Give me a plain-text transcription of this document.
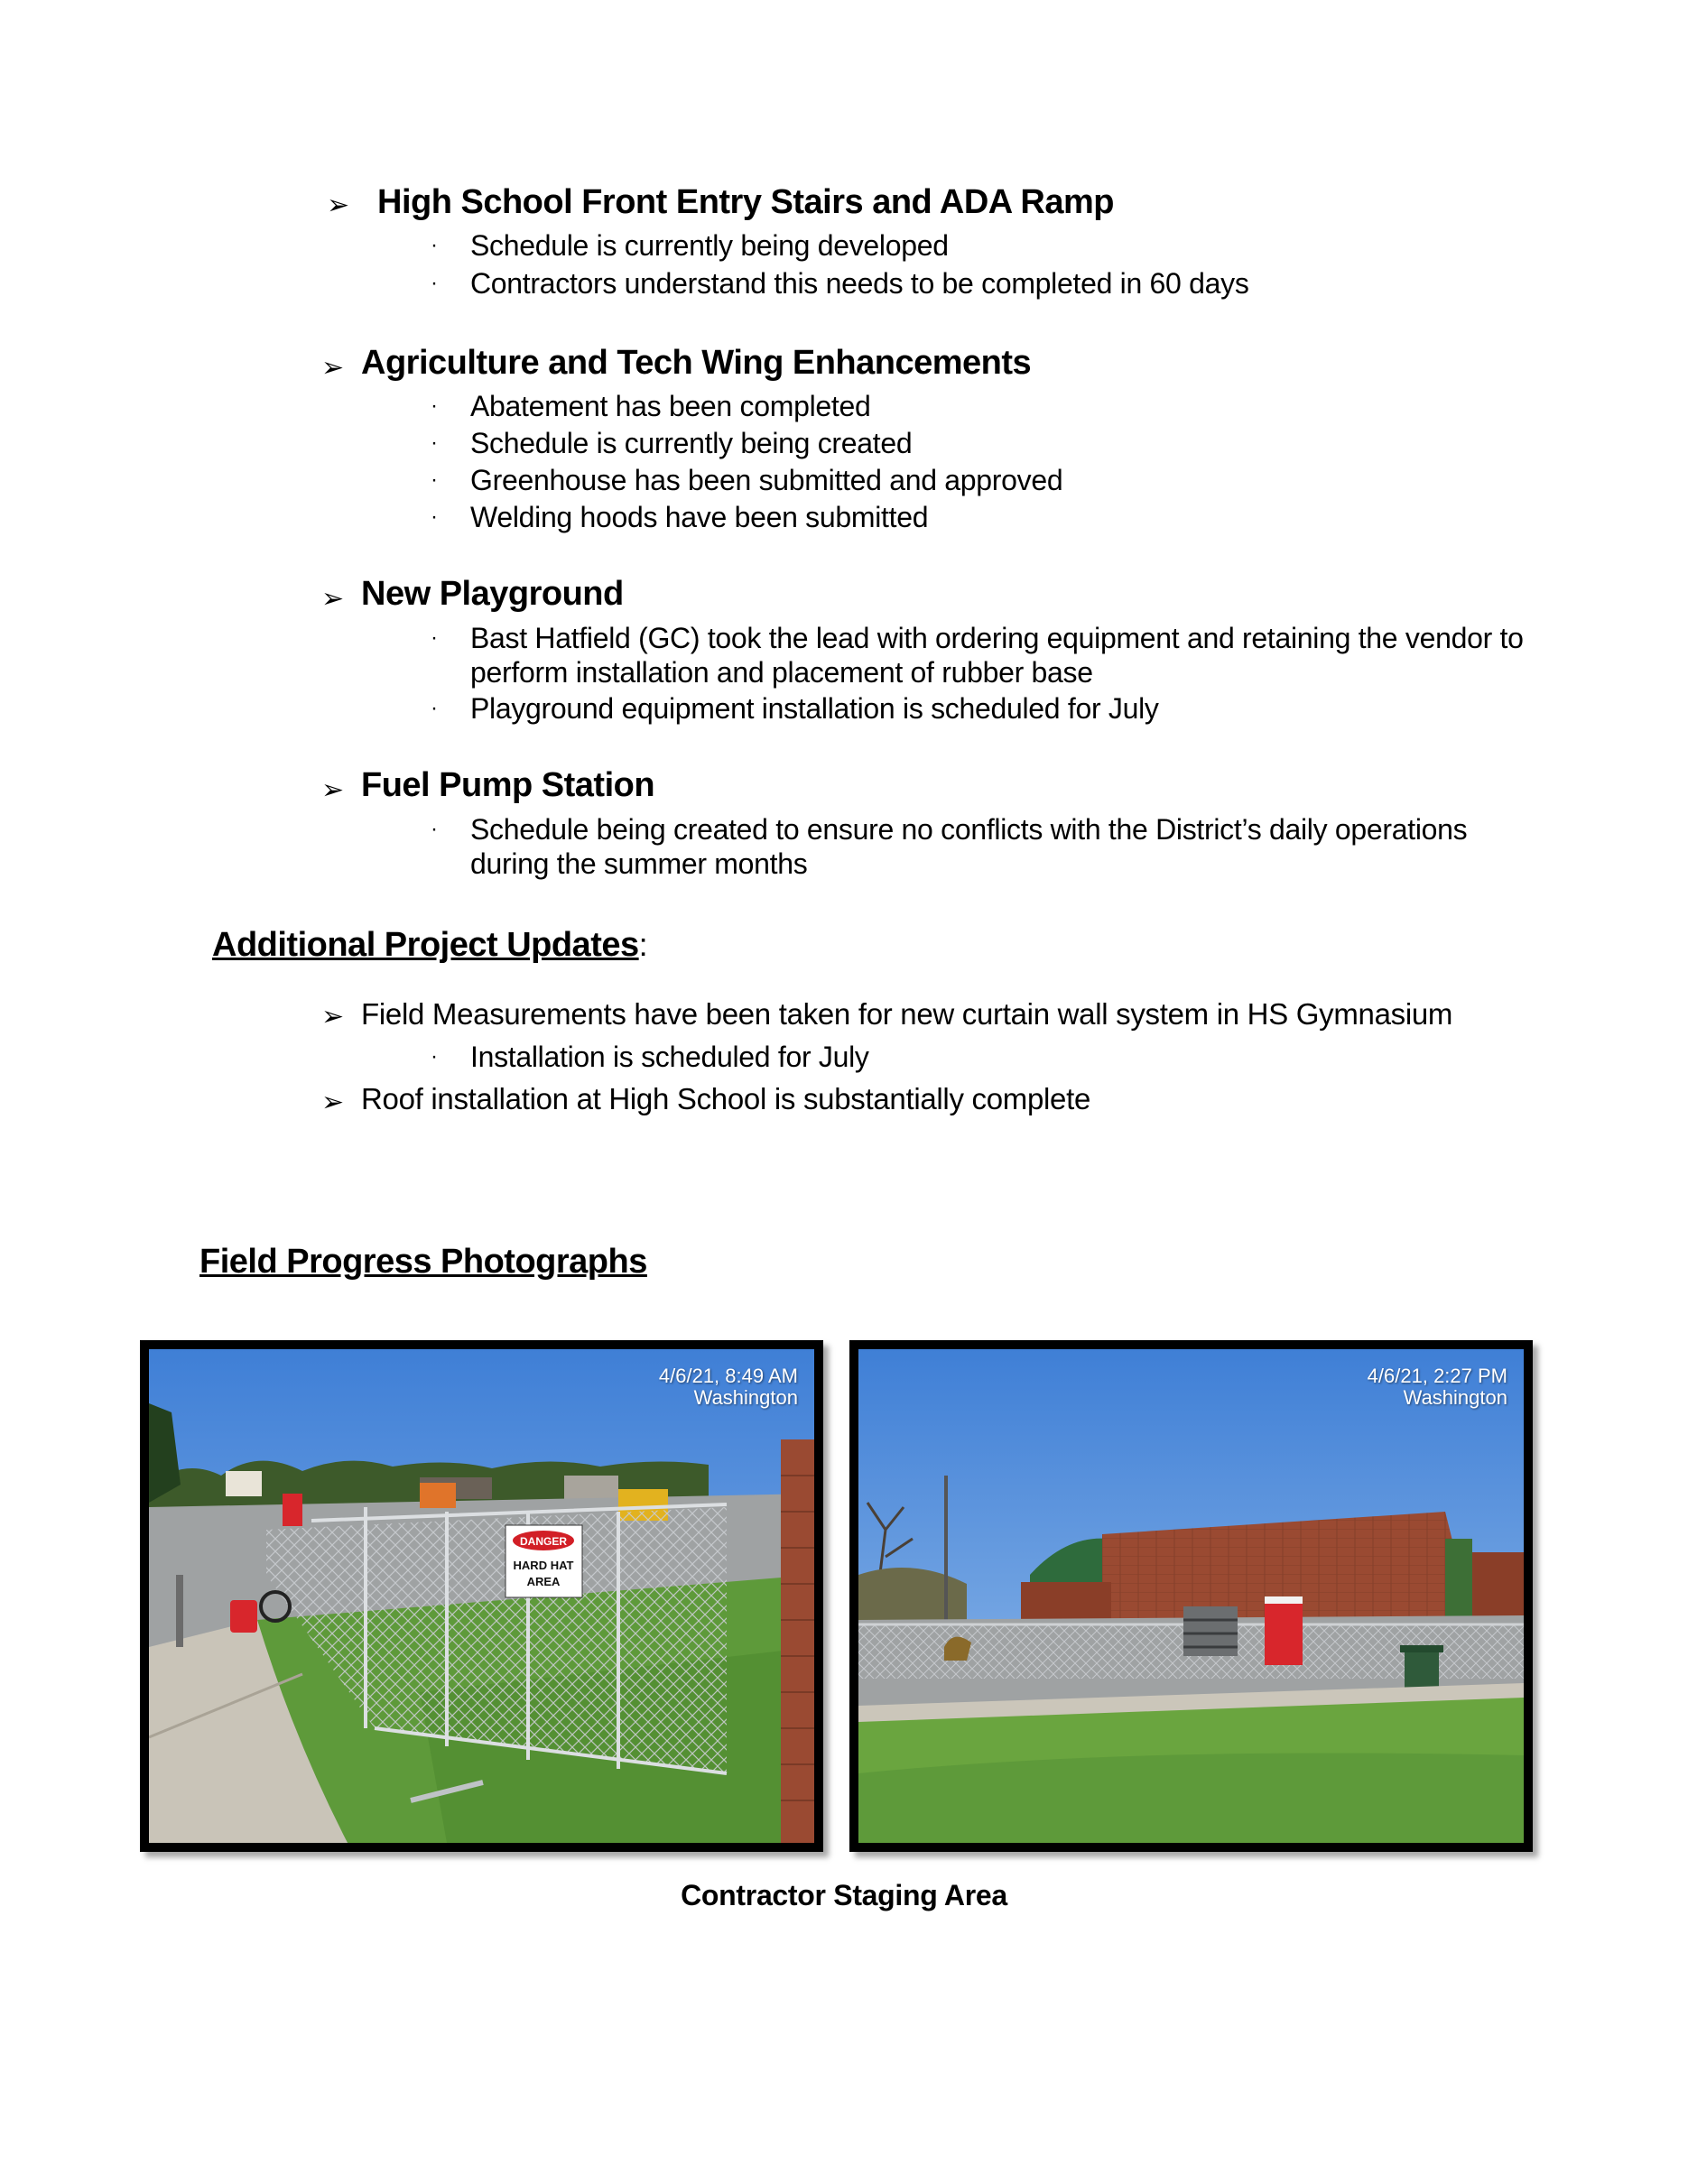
➢ High School Front Entry Stairs and ADA Ramp
· Schedule is currently being developed
· Contractors understand this needs to be completed in 60 days
➢ Agriculture and Tech Wing Enhancements
· Abatement has been completed
· Schedule is currently being created
· Greenhouse has been submitted and approved
· Welding hoods have been submitted
➢ New Playground
· Bast Hatfield (GC) took the lead with ordering equipment and retaining the vendor to perform installation and placement of rubber base
· Playground equipment installation is scheduled for July
➢ Fuel Pump Station
· Schedule being created to ensure no conflicts with the District’s daily operations during the summer months
Additional Project Updates:
➢ Field Measurements have been taken for new curtain wall system in HS Gymnasium
· Installation is scheduled for July
➢ Roof installation at High School is substantially complete
Field Progress Photographs
DANGER
HARD HAT
AREA
4/6/21, 8:49 AM
Washington
4/6/21, 2:27 PM
Washington
Contractor Staging Area
